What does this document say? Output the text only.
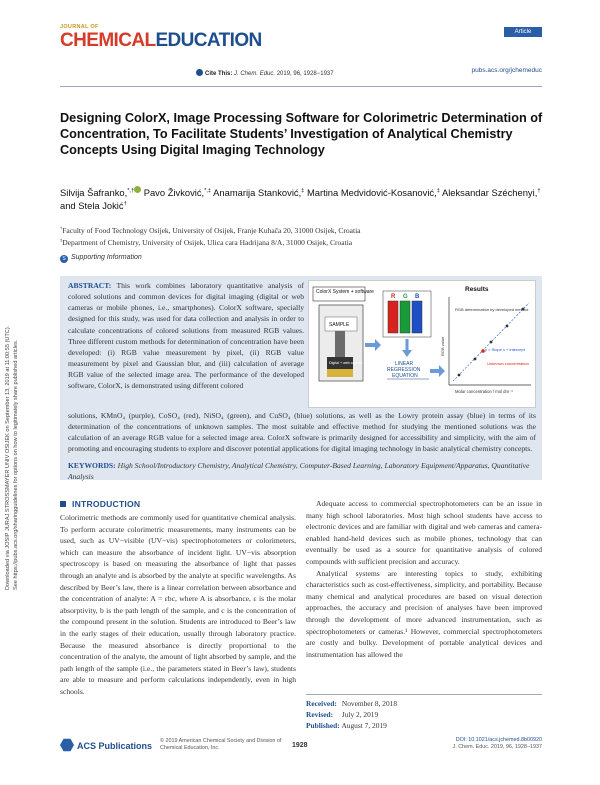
Downloaded via JOSIP JURAJ STROSSMAYER UNIV OSIJEK on September 13, 2019 at 11:00:55 (UTC). See https://pubs.acs.org/sharingguidelines for options on how to legitimately share published articles.
JOURNAL OF
CHEMICALEDUCATION
Cite This: J. Chem. Educ. 2019, 96, 1928−1937
Article
pubs.acs.org/jchemeduc
Designing ColorX, Image Processing Software for Colorimetric Determination of Concentration, To Facilitate Students’ Investigation of Analytical Chemistry Concepts Using Digital Imaging Technology
Silvija Šafranko,*,† Pavo Živković,*,‡ Anamarija Stanković,‡ Martina Medvidović-Kosanović,‡ Aleksandar Széchenyi,† and Stela Jokić†
†Faculty of Food Technology Osijek, University of Osijek, Franje Kuhača 20, 31000 Osijek, Croatia
‡Department of Chemistry, University of Osijek, Ulica cara Hadrijana 8/A, 31000 Osijek, Croatia
S Supporting Information
ABSTRACT: This work combines laboratory quantitative analysis of colored solutions and common devices for digital imaging (digital or web cameras or mobile phones, i.e., smartphones). ColorX software, specially designed for this study, was used for data collection and analysis in order to calculate concentrations of colored solutions from measured RGB values. Three different custom methods for determination of concentration have been developed: (i) RGB value measurement by pixel, (ii) RGB value measurement by pixel and Gaussian blur, and (iii) calculation of average RGB value of the selected image area. The performance of the developed software, ColorX, is demonstrated using different colored
ColorX System + software
SAMPLE
Digital + web camera
R G B
LINEAR
REGRESSION
EQUATION
Results
RGB value
Molar concentration / mol dm⁻³
RGB determination by developed method
y = Slope x + intercept
Unknown concentration
solutions, KMnO₄ (purple), CoSO₄ (red), NiSO₄ (green), and CuSO₄ (blue) solutions, as well as the Lowry protein assay (blue) in terms of its determination of the concentrations of unknown samples. The most suitable and effective method for studying the mentioned solutions was the calculation of an average RGB value for a selected image area. ColorX software is primarily designed for accessibility and simplicity, with the aim of promoting and encouraging students to explore and discover potential applications for digital imaging technology in basic analytical chemistry concepts.
KEYWORDS: High School/Introductory Chemistry, Analytical Chemistry, Computer-Based Learning, Laboratory Equipment/Apparatus, Quantitative Analysis
INTRODUCTION
Colorimetric methods are commonly used for quantitative chemical analysis. To perform accurate colorimetric measurements, many instruments can be used, such as UV−visible (UV−vis) spectrophotometers or colorimeters, which can measure the absorbance of incident light. UV−vis absorption spectroscopy is based on measuring the absorbance of light that passes through an analyte and is absorbed by the analyte at specific wavelengths. As described by Beer’s law, there is a linear correlation between absorbance and the concentration of analyte: A = εbc, where A is absorbance, ε is the molar absorptivity, b is the path length of the sample, and c is the concentration of the compound present in the solution. Students are introduced to Beer’s law in the early stages of their education, usually through laboratory practice. Because the measured absorbance is directly proportional to the concentration of the analyte, the amount of light absorbed by sample, and the path length of the sample (i.e., the parameters stated in Beer’s law), students are able to measure and perform calculations independently, even in high schools.

Adequate access to commercial spectrophotometers can be an issue in many high school laboratories. Most high school students have access to electronic devices and are familiar with digital and web cameras and camera-enabled hand-held devices such as mobile phones, technology that can eventually be used as a source for quantitative analysis of colored compounds with sufficient precision and accuracy.

Analytical systems are interesting topics to study, exhibiting characteristics such as cost-effectiveness, simplicity, and portability. Because many chemical and analytical procedures are based on visual detection approaches, the accuracy and precision of analyses have been improved through the development of more advanced instrumentation, such as spectrophotometers or cameras.¹ However, commercial spectrophotometers are costly and bulky. Development of portable analytical devices and instrumentation has allowed the

Received: November 8, 2018
Revised: July 2, 2019
Published: August 7, 2019
ACS Publications © 2019 American Chemical Society and Division of Chemical Education, Inc.	1928
DOI: 10.1021/acs.jchemed.8b00920
J. Chem. Educ. 2019, 96, 1928−1937
